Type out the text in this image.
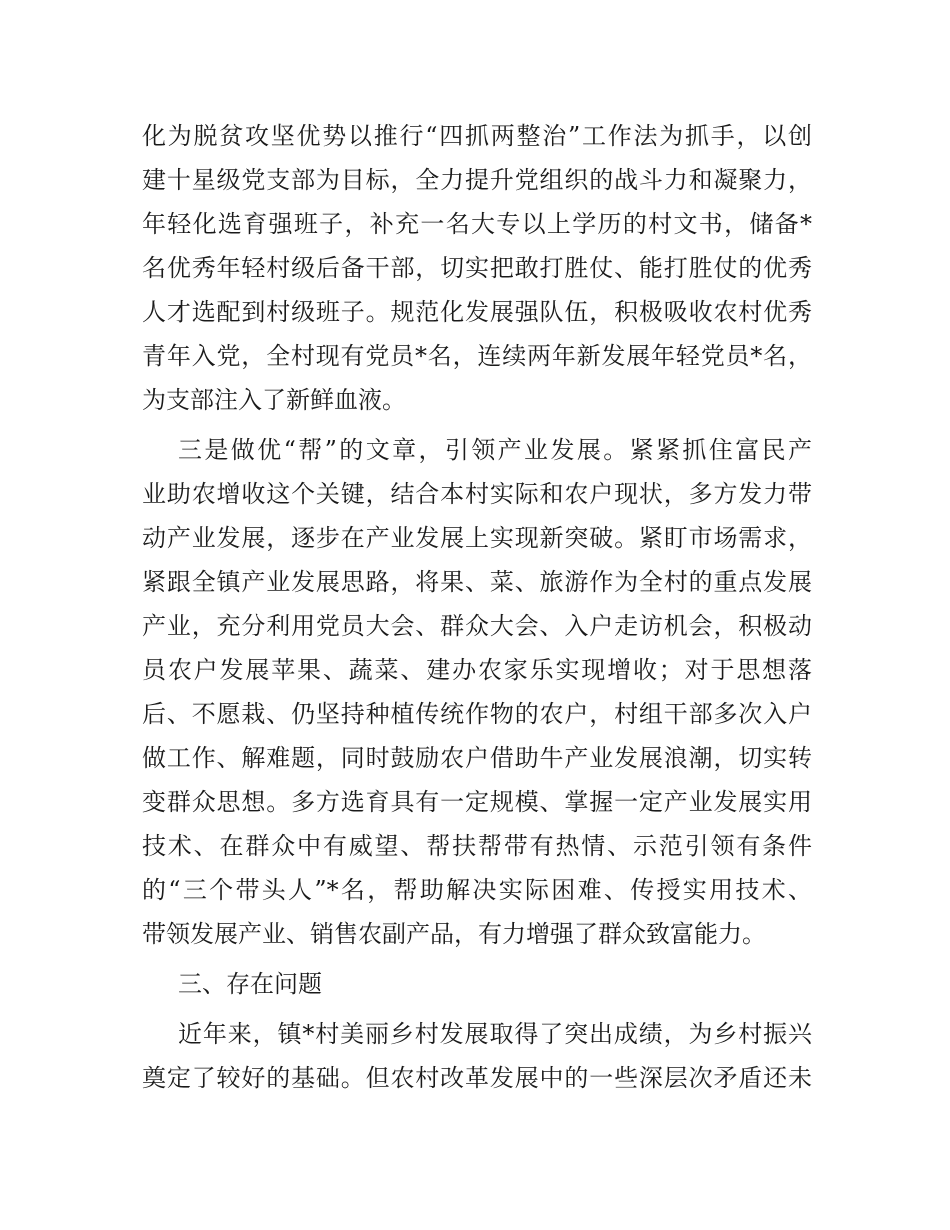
化为脱贫攻坚优势以推行“四抓两整治”工作法为抓手，以创
建十星级党支部为目标，全力提升党组织的战斗力和凝聚力，
年轻化选育强班子，补充一名大专以上学历的村文书，储备*
名优秀年轻村级后备干部，切实把敢打胜仗、能打胜仗的优秀
人才选配到村级班子。规范化发展强队伍，积极吸收农村优秀
青年入党，全村现有党员*名，连续两年新发展年轻党员*名，
为支部注入了新鲜血液。
三是做优“帮”的文章，引领产业发展。紧紧抓住富民产
业助农增收这个关键，结合本村实际和农户现状，多方发力带
动产业发展，逐步在产业发展上实现新突破。紧盯市场需求，
紧跟全镇产业发展思路，将果、菜、旅游作为全村的重点发展
产业，充分利用党员大会、群众大会、入户走访机会，积极动
员农户发展苹果、蔬菜、建办农家乐实现增收；对于思想落
后、不愿栽、仍坚持种植传统作物的农户，村组干部多次入户
做工作、解难题，同时鼓励农户借助牛产业发展浪潮，切实转
变群众思想。多方选育具有一定规模、掌握一定产业发展实用
技术、在群众中有威望、帮扶帮带有热情、示范引领有条件
的“三个带头人”*名，帮助解决实际困难、传授实用技术、
带领发展产业、销售农副产品，有力增强了群众致富能力。
三、存在问题
近年来，镇*村美丽乡村发展取得了突出成绩，为乡村振兴
奠定了较好的基础。但农村改革发展中的一些深层次矛盾还未
